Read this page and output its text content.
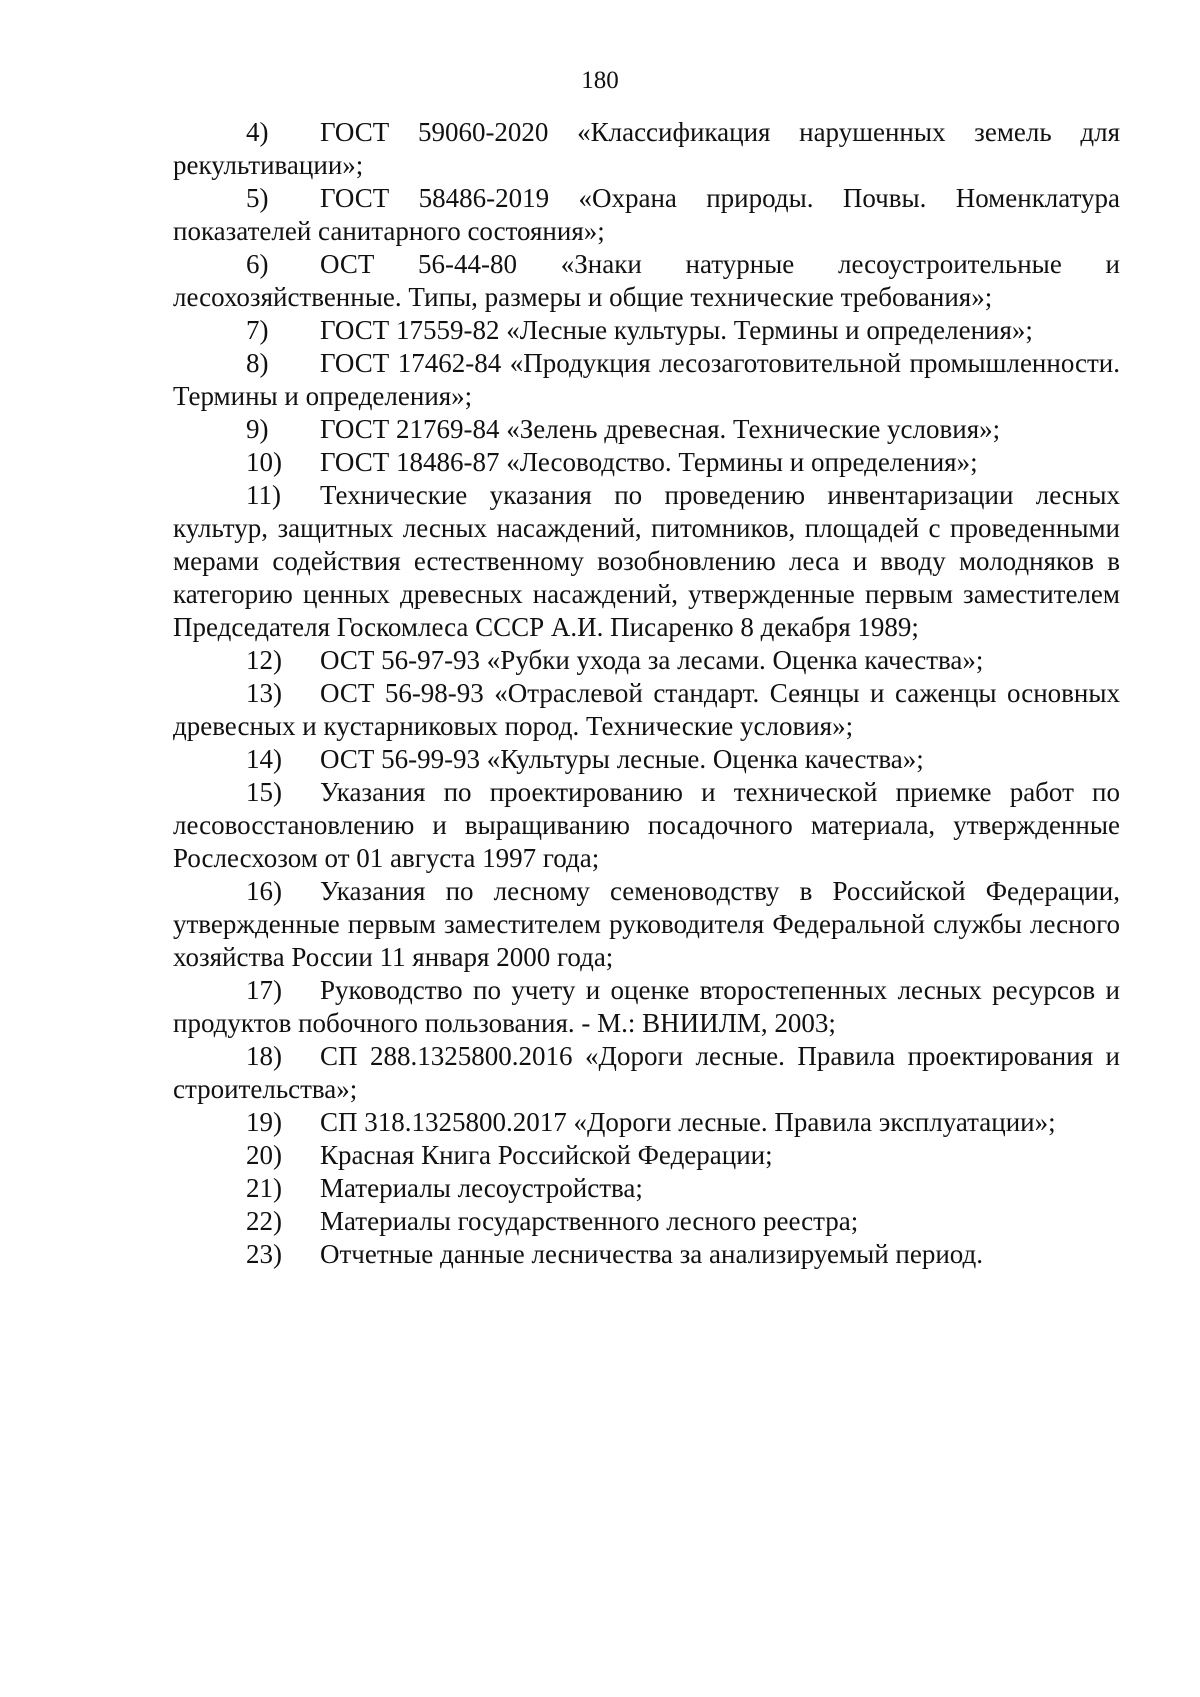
180

4) ГОСТ 59060-2020 «Классификация нарушенных земель для рекультивации»;

5) ГОСТ 58486-2019 «Охрана природы. Почвы. Номенклатура показателей санитарного состояния»;

6) ОСТ 56-44-80 «Знаки натурные лесоустроительные и лесохозяйственные. Типы, размеры и общие технические требования»;

7) ГОСТ 17559-82 «Лесные культуры. Термины и определения»;

8) ГОСТ 17462-84 «Продукция лесозаготовительной промышленности. Термины и определения»;

9) ГОСТ 21769-84 «Зелень древесная. Технические условия»;

10) ГОСТ 18486-87 «Лесоводство. Термины и определения»;

11) Технические указания по проведению инвентаризации лесных культур, защитных лесных насаждений, питомников, площадей с проведенными мерами содействия естественному возобновлению леса и вводу молодняков в категорию ценных древесных насаждений, утвержденные первым заместителем Председателя Госкомлеса СССР А.И. Писаренко 8 декабря 1989;

12) ОСТ 56-97-93 «Рубки ухода за лесами. Оценка качества»;

13) ОСТ 56-98-93 «Отраслевой стандарт. Сеянцы и саженцы основных древесных и кустарниковых пород. Технические условия»;

14) ОСТ 56-99-93 «Культуры лесные. Оценка качества»;

15) Указания по проектированию и технической приемке работ по лесовосстановлению и выращиванию посадочного материала, утвержденные Рослесхозом от 01 августа 1997 года;

16) Указания по лесному семеноводству в Российской Федерации, утвержденные первым заместителем руководителя Федеральной службы лесного хозяйства России 11 января 2000 года;

17) Руководство по учету и оценке второстепенных лесных ресурсов и продуктов побочного пользования. - М.: ВНИИЛМ, 2003;

18) СП 288.1325800.2016 «Дороги лесные. Правила проектирования и строительства»;

19) СП 318.1325800.2017 «Дороги лесные. Правила эксплуатации»;

20) Красная Книга Российской Федерации;

21) Материалы лесоустройства;

22) Материалы государственного лесного реестра;

23) Отчетные данные лесничества за анализируемый период.
